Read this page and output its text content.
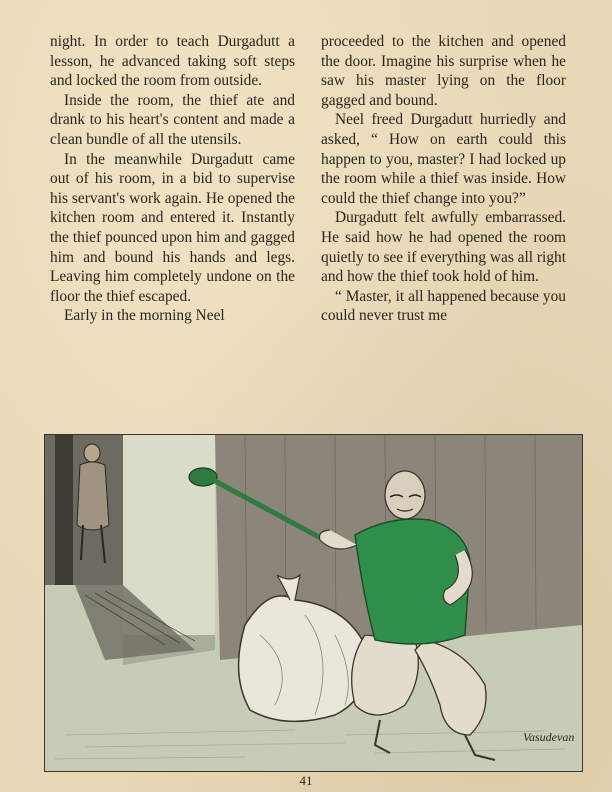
night. In order to teach Durgadutt a lesson, he advanced taking soft steps and locked the room from outside.

Inside the room, the thief ate and drank to his heart's content and made a clean bundle of all the utensils.

In the meanwhile Durgadutt came out of his room, in a bid to supervise his servant's work again. He opened the kitchen room and entered it. Instantly the thief pounced upon him and gagged him and bound his hands and legs. Leaving him completely undone on the floor the thief escaped.

Early in the morning Neel

proceeded to the kitchen and opened the door. Imagine his surprise when he saw his master lying on the floor gagged and bound.

Neel freed Durgadutt hurriedly and asked, “ How on earth could this happen to you, master? I had locked up the room while a thief was inside. How could the thief change into you?”

Durgadutt felt awfully embarrassed. He said how he had opened the room quietly to see if everything was all right and how the thief took hold of him.

“ Master, it all happened because you could never trust me

Vasudevan
41
